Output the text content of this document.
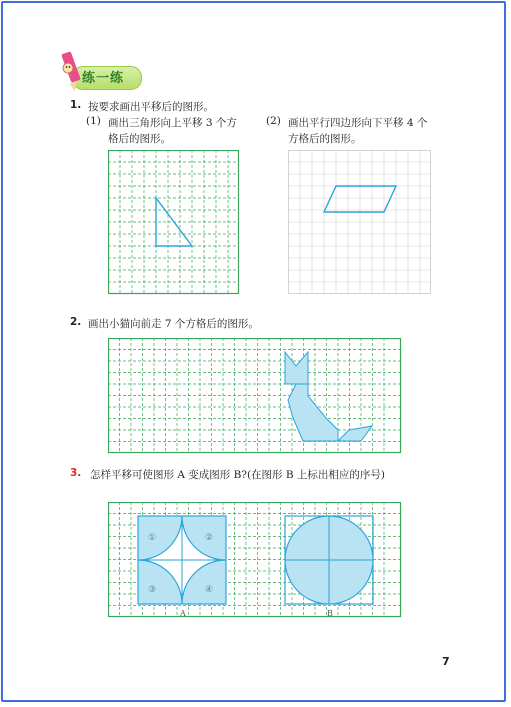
练一练
1. 按要求画出平移后的图形。
(1) 画出三角形向上平移 3 个方
格后的图形。
(2) 画出平行四边形向下平移 4 个
方格后的图形。
2. 画出小猫向前走 7 个方格后的图形。
3. 怎样平移可使图形 A 变成图形 B?(在图形 B 上标出相应的序号)
①	②
③	④
A	B
7
